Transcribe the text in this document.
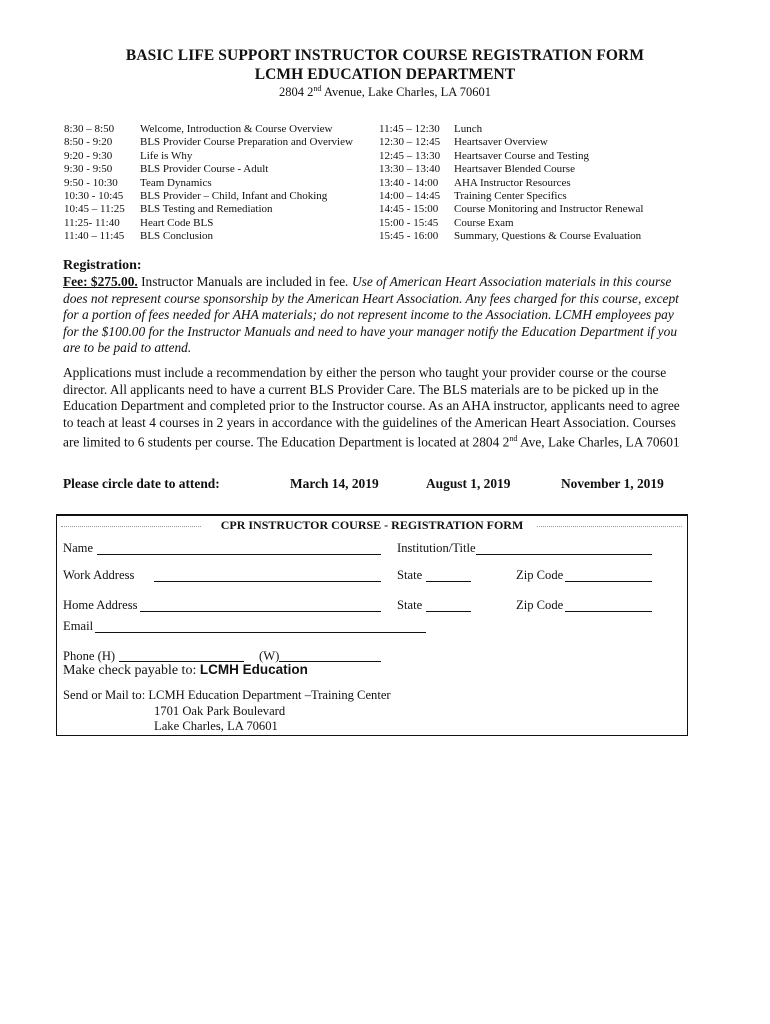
BASIC LIFE SUPPORT INSTRUCTOR COURSE REGISTRATION FORM
LCMH EDUCATION DEPARTMENT
2804 2nd Avenue, Lake Charles, LA 70601
8:30 – 8:50	Welcome, Introduction & Course Overview
8:50 - 9:20	BLS Provider Course Preparation and Overview
9:20 - 9:30	Life is Why
9:30 - 9:50	BLS Provider Course - Adult
9:50 - 10:30	Team Dynamics
10:30 - 10:45	BLS Provider – Child, Infant and Choking
10:45 – 11:25	BLS Testing and Remediation
11:25- 11:40	Heart Code BLS
11:40 – 11:45	BLS Conclusion
11:45 – 12:30	Lunch
12:30 – 12:45	Heartsaver Overview
12:45 – 13:30	Heartsaver Course and Testing
13:30 – 13:40	Heartsaver Blended Course
13:40 - 14:00	AHA Instructor Resources
14:00 – 14:45	Training Center Specifics
14:45 - 15:00	Course Monitoring and Instructor Renewal
15:00 - 15:45	Course Exam
15:45 - 16:00	Summary, Questions & Course Evaluation
Registration:
Fee: $275.00. Instructor Manuals are included in fee. Use of American Heart Association materials in this course does not represent course sponsorship by the American Heart Association. Any fees charged for this course, except for a portion of fees needed for AHA materials; do not represent income to the Association. LCMH employees pay for the $100.00 for the Instructor Manuals and need to have your manager notify the Education Department if you are to be paid to attend.
Applications must include a recommendation by either the person who taught your provider course or the course director. All applicants need to have a current BLS Provider Care. The BLS materials are to be picked up in the Education Department and completed prior to the Instructor course. As an AHA instructor, applicants need to agree to teach at least 4 courses in 2 years in accordance with the guidelines of the American Heart Association. Courses are limited to 6 students per course. The Education Department is located at 2804 2nd Ave, Lake Charles, LA 70601
Please circle date to attend:	March 14, 2019	August 1, 2019	November 1, 2019
CPR INSTRUCTOR COURSE - REGISTRATION FORM
Name	Institution/Title
Work Address	State	Zip Code
Home Address	State	Zip Code
Email
Phone (H)	(W)
Make check payable to: LCMH Education
Send or Mail to: LCMH Education Department –Training Center
1701 Oak Park Boulevard
Lake Charles, LA 70601
